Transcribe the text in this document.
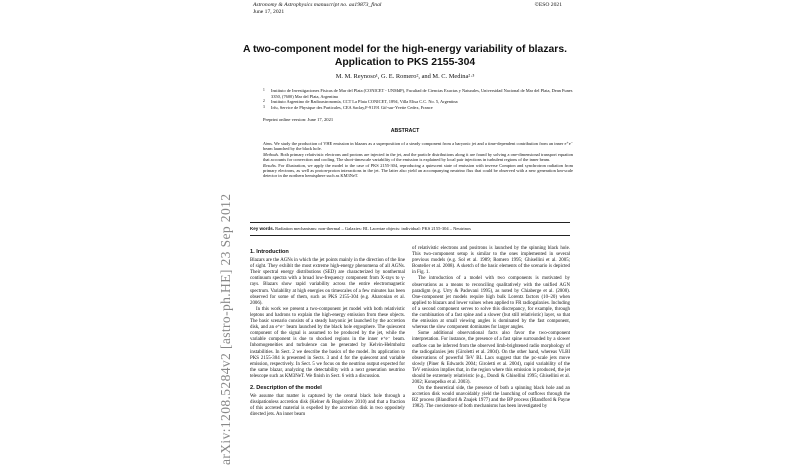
Astronomy & Astrophysics manuscript no. aa19873_final
June 17, 2021
©ESO 2021
A two-component model for the high-energy variability of blazars.
Application to PKS 2155-304
M. M. Reynoso¹, G. E. Romero², and M. C. Medina²·³
1	Instituto de Investigaciones Físicas de Mar del Plata (CONICET - UNMdP), Facultad de Ciencias Exactas y Naturales, Universidad Nacional de Mar del Plata, Dean Funes 3350, (7600) Mar del Plata, Argentina
2	Instituto Argentino de Radioastronomía, CCT La Plata CONICET, 1894, Villa Elisa C.C. No. 5, Argentina
3	Irfu, Service de Physique des Particules, CEA Saclay,F-91191 Gif-sur-Yvette Cedex, France
Preprint online version: June 17, 2021
ABSTRACT

Aims. We study the production of VHE emission in blazars as a superposition of a steady component from a baryonic jet and a time-dependent contribution from an inner e⁺e⁻ beam launched by the black hole.

Methods. Both primary relativistic electrons and protons are injected in the jet, and the particle distributions along it are found by solving a one-dimensional transport equation that accounts for convection and cooling. The short-timescale variability of the emission is explained by local pair injections in turbulent regions of the inner beam.

Results. For illustration, we apply the model to the case of PKS 2155-304, reproducing a quiescent state of emission with inverse Compton and synchrotron radiation from primary electrons, as well as proton-proton interactions in the jet. The latter also yield an accompanying neutrino flux that could be observed with a new generation km-scale detector in the northern hemisphere such as KM3NeT.

Key words. Radiation mechanisms: non-thermal – Galaxies: BL Lacertae objects: individual: PKS 2155-304 – Neutrinos
1. Introduction

Blazars are the AGNs in which the jet points mainly in the direction of the line of sight. They exhibit the most extreme high-energy phenomena of all AGNs. Their spectral energy distributions (SED) are characterized by nonthermal continuum spectra with a broad low-frequency component from X-rays to γ-rays. Blazars show rapid variability across the entire electromagnetic spectrum. Variability at high energies on timescales of a few minutes has been observed for some of them, such as PKS 2155-304 (e.g. Aharonian et al. 2006).

In this work we present a two-component jet model with both relativistic leptons and hadrons to explain the high-energy emission from these objects. The basic scenario consists of a steady baryonic jet launched by the accretion disk, and an e⁺e⁻ beam launched by the black hole ergosphere. The quiescent component of the signal is assumed to be produced by the jet, while the variable component is due to shocked regions in the inner e⁺e⁻ beam. Inhomogeneities and turbulence can be generated by Kelvin-Helmholtz instabilities. In Sect. 2 we describe the basics of the model. Its application to PKS 2155-304 is presented in Sects. 3 and 4 for the quiescent and variable emission, respectively. In Sect. 5 we focus on the neutrino output expected for the same blazar, analyzing the detectability with a next generation neutrino telescope such as KM3NeT. We finish in Sect. 6 with a discussion.

2. Description of the model

We assume that matter is captured by the central black hole through a dissipationless accretion disk (Kelner & Bogolobov 2010) and that a fraction of this accreted material is expelled by the accretion disk in two oppositely directed jets. An inner beam

of relativistic electrons and positrons is launched by the spinning black hole. This two-component setup is similar to the ones implemented in several previous models (e.g. Sol et al. 1989; Romero 1995; Ghisellini et al. 2005; Boutelier et al. 2008). A sketch of the basic elements of the scenario is depicted in Fig. 1.

The introduction of a model with two components is motivated by observations as a means to reconciling qualitatively with the unified AGN paradigm (e.g. Urry & Padovani 1995), as noted by Chiaberge et al. (2000). One-component jet models require high bulk Lorentz factors (10–20) when applied to blazars and lower values when applied to FR radiogalaxies. Including of a second component serves to solve this discrepancy, for example, through the combination of a fast spine and a slower (but still relativistic) layer, so that the emission at small viewing angles is dominated by the fast component, whereas the slow component dominates for larger angles.

Some additional observational facts also favor the two-component interpretation. For instance, the presence of a fast spine surrounded by a slower outflow can be inferred from the observed limb-brightened radio morphology of the radiogalaxies jets (Giroletti et al. 2004). On the other hand, whereas VLBI observations of powerful TeV BL Lacs suggest that the pc-scale jets move slowly (Piner & Edwards 2004; Giroletti et al. 2004), rapid variability of the TeV emission implies that, in the region where this emission is produced, the jet should be extremely relativistic (e.g., Dondi & Ghisellini 1995; Ghisellini et al. 2002; Konopelko et al. 2003).

On the theoretical side, the presence of both a spinning black hole and an accretion disk would unavoidably yield the launching of outflows through the BZ process (Blandford & Znajek 1977) and the BP process (Blandford & Payne 1982). The coexistence of both mechanisms has been investigated by

arXiv:1208.5284v2 [astro-ph.HE] 23 Sep 2012
